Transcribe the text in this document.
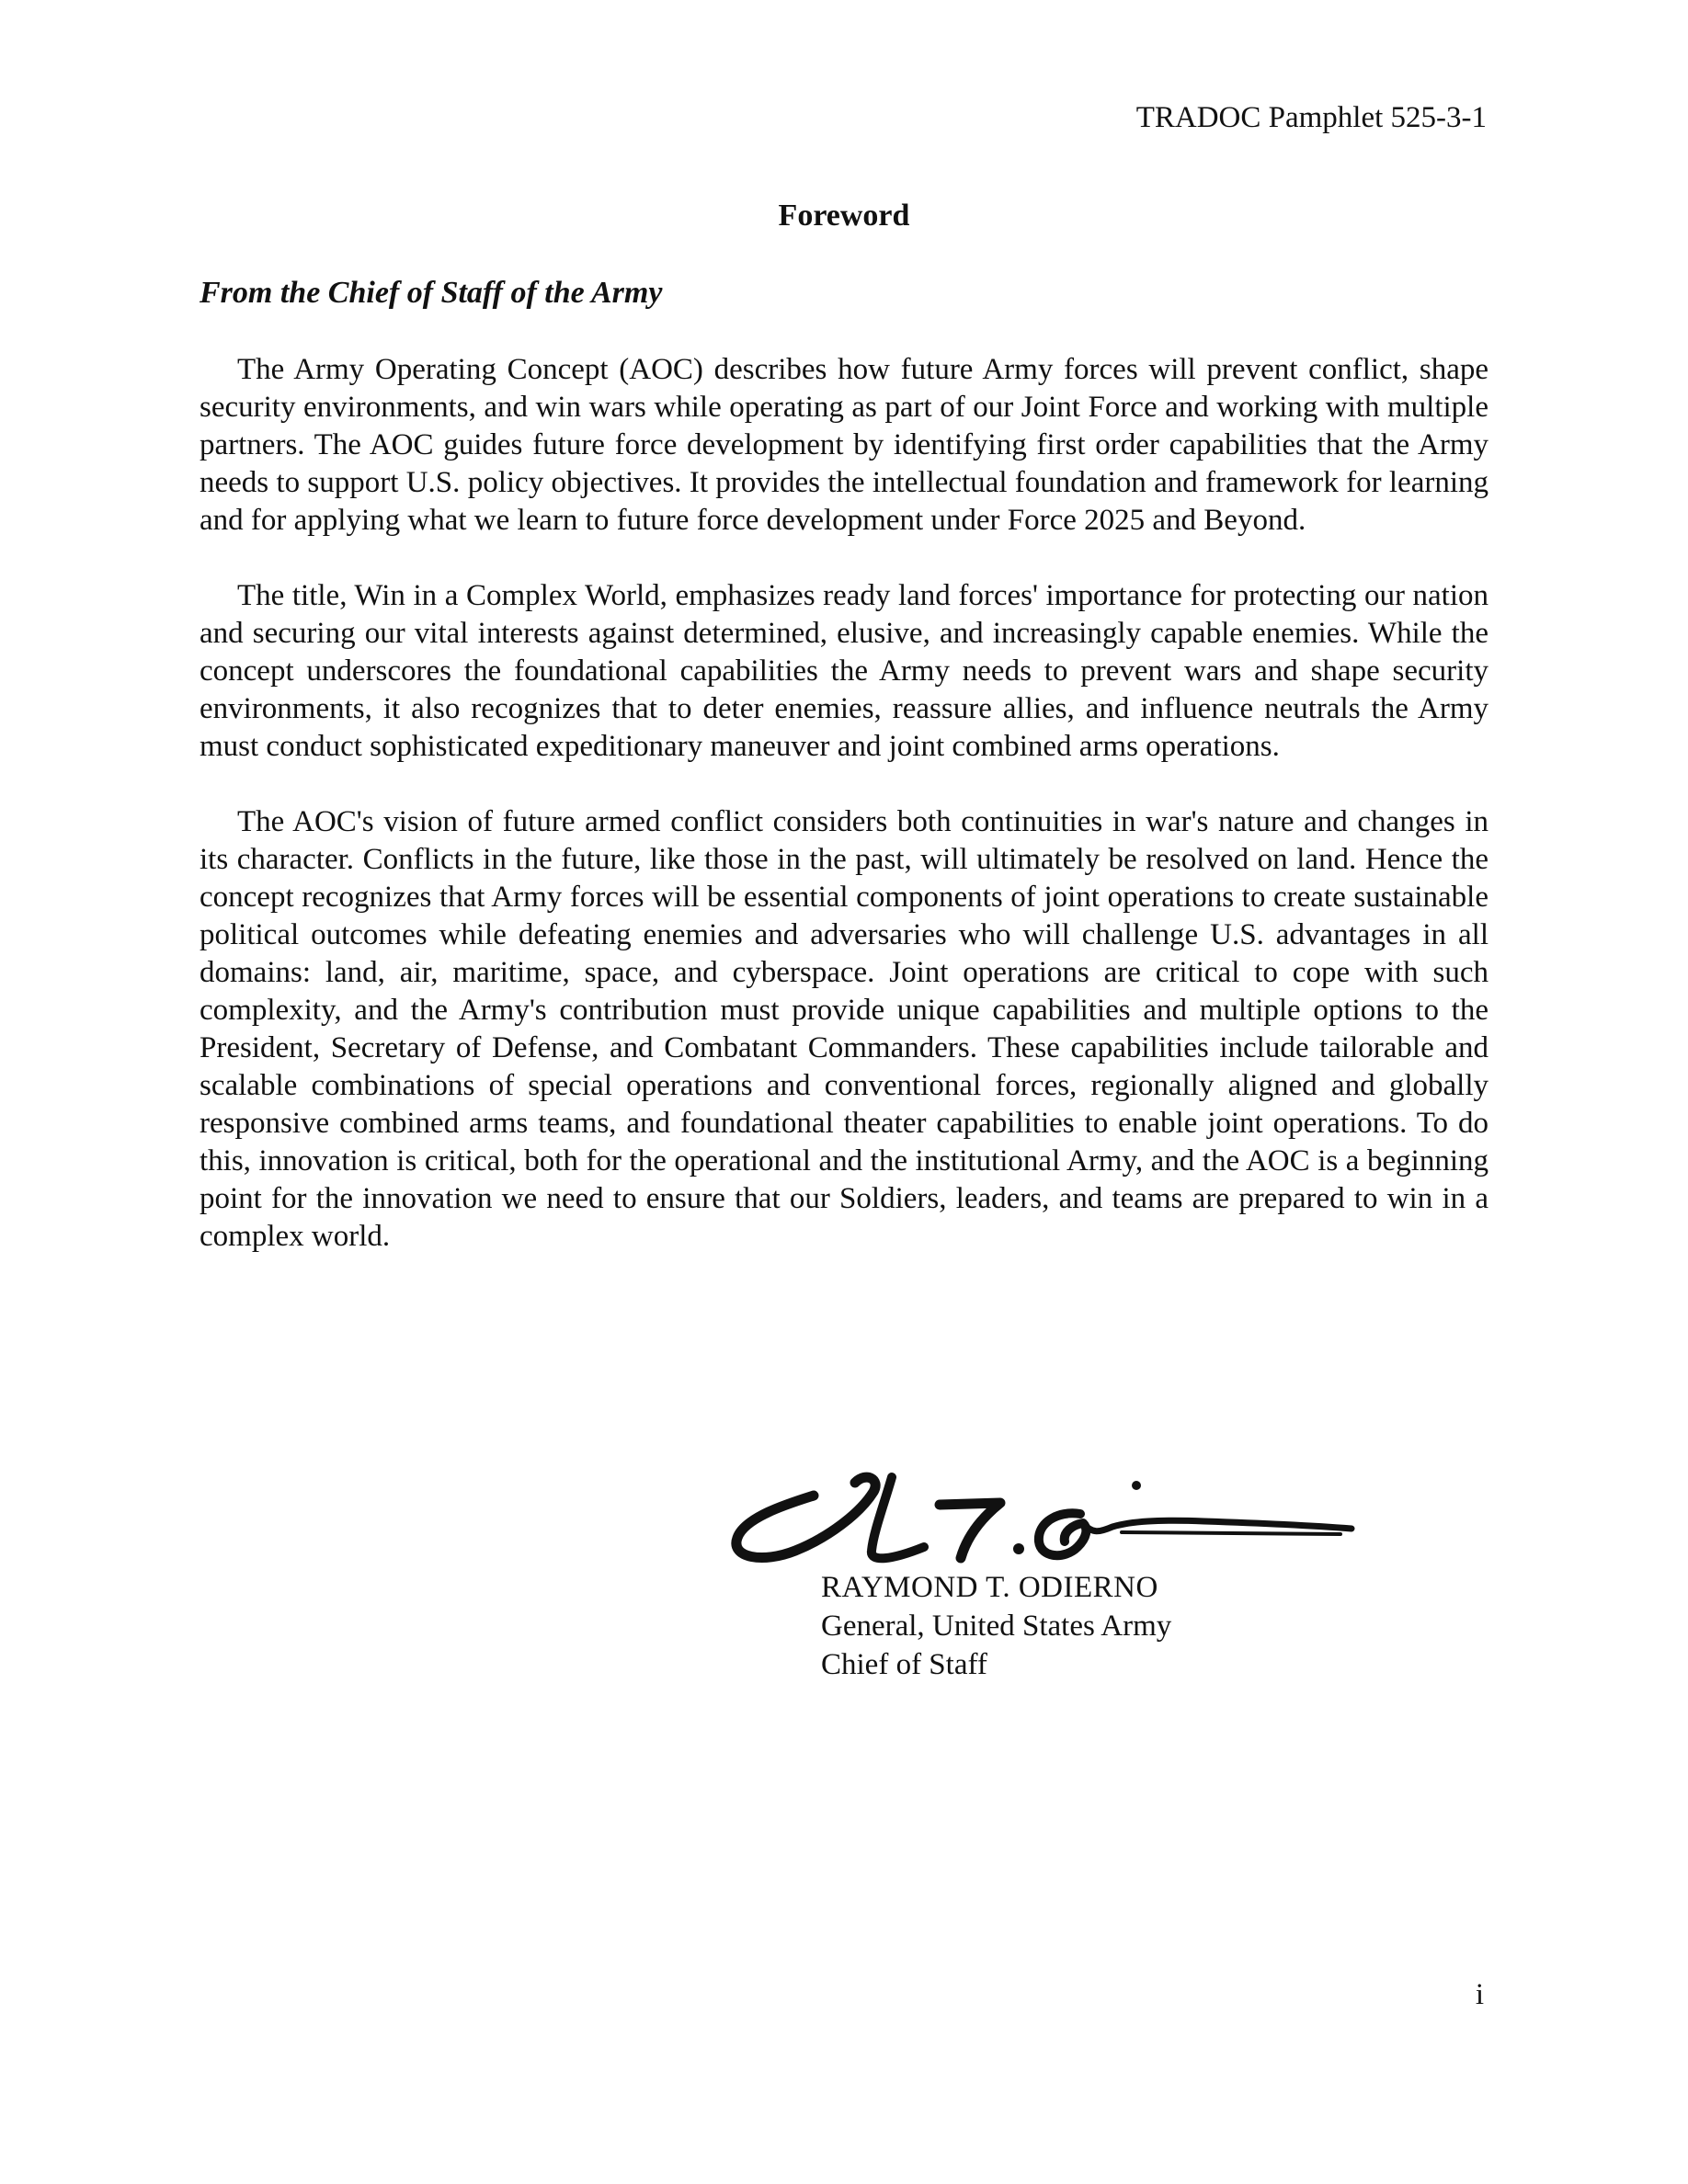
TRADOC Pamphlet 525-3-1
Foreword
From the Chief of Staff of the Army

The Army Operating Concept (AOC) describes how future Army forces will prevent conflict, shape security environments, and win wars while operating as part of our Joint Force and working with multiple partners. The AOC guides future force development by identifying first order capabilities that the Army needs to support U.S. policy objectives. It provides the intellectual foundation and framework for learning and for applying what we learn to future force development under Force 2025 and Beyond.

The title, Win in a Complex World, emphasizes ready land forces' importance for protecting our nation and securing our vital interests against determined, elusive, and increasingly capable enemies. While the concept underscores the foundational capabilities the Army needs to prevent wars and shape security environments, it also recognizes that to deter enemies, reassure allies, and influence neutrals the Army must conduct sophisticated expeditionary maneuver and joint combined arms operations.

The AOC's vision of future armed conflict considers both continuities in war's nature and changes in its character. Conflicts in the future, like those in the past, will ultimately be resolved on land. Hence the concept recognizes that Army forces will be essential components of joint operations to create sustainable political outcomes while defeating enemies and adversaries who will challenge U.S. advantages in all domains: land, air, maritime, space, and cyberspace. Joint operations are critical to cope with such complexity, and the Army's contribution must provide unique capabilities and multiple options to the President, Secretary of Defense, and Combatant Commanders. These capabilities include tailorable and scalable combinations of special operations and conventional forces, regionally aligned and globally responsive combined arms teams, and foundational theater capabilities to enable joint operations. To do this, innovation is critical, both for the operational and the institutional Army, and the AOC is a beginning point for the innovation we need to ensure that our Soldiers, leaders, and teams are prepared to win in a complex world.

RAYMOND T. ODIERNO
General, United States Army
Chief of Staff
i
